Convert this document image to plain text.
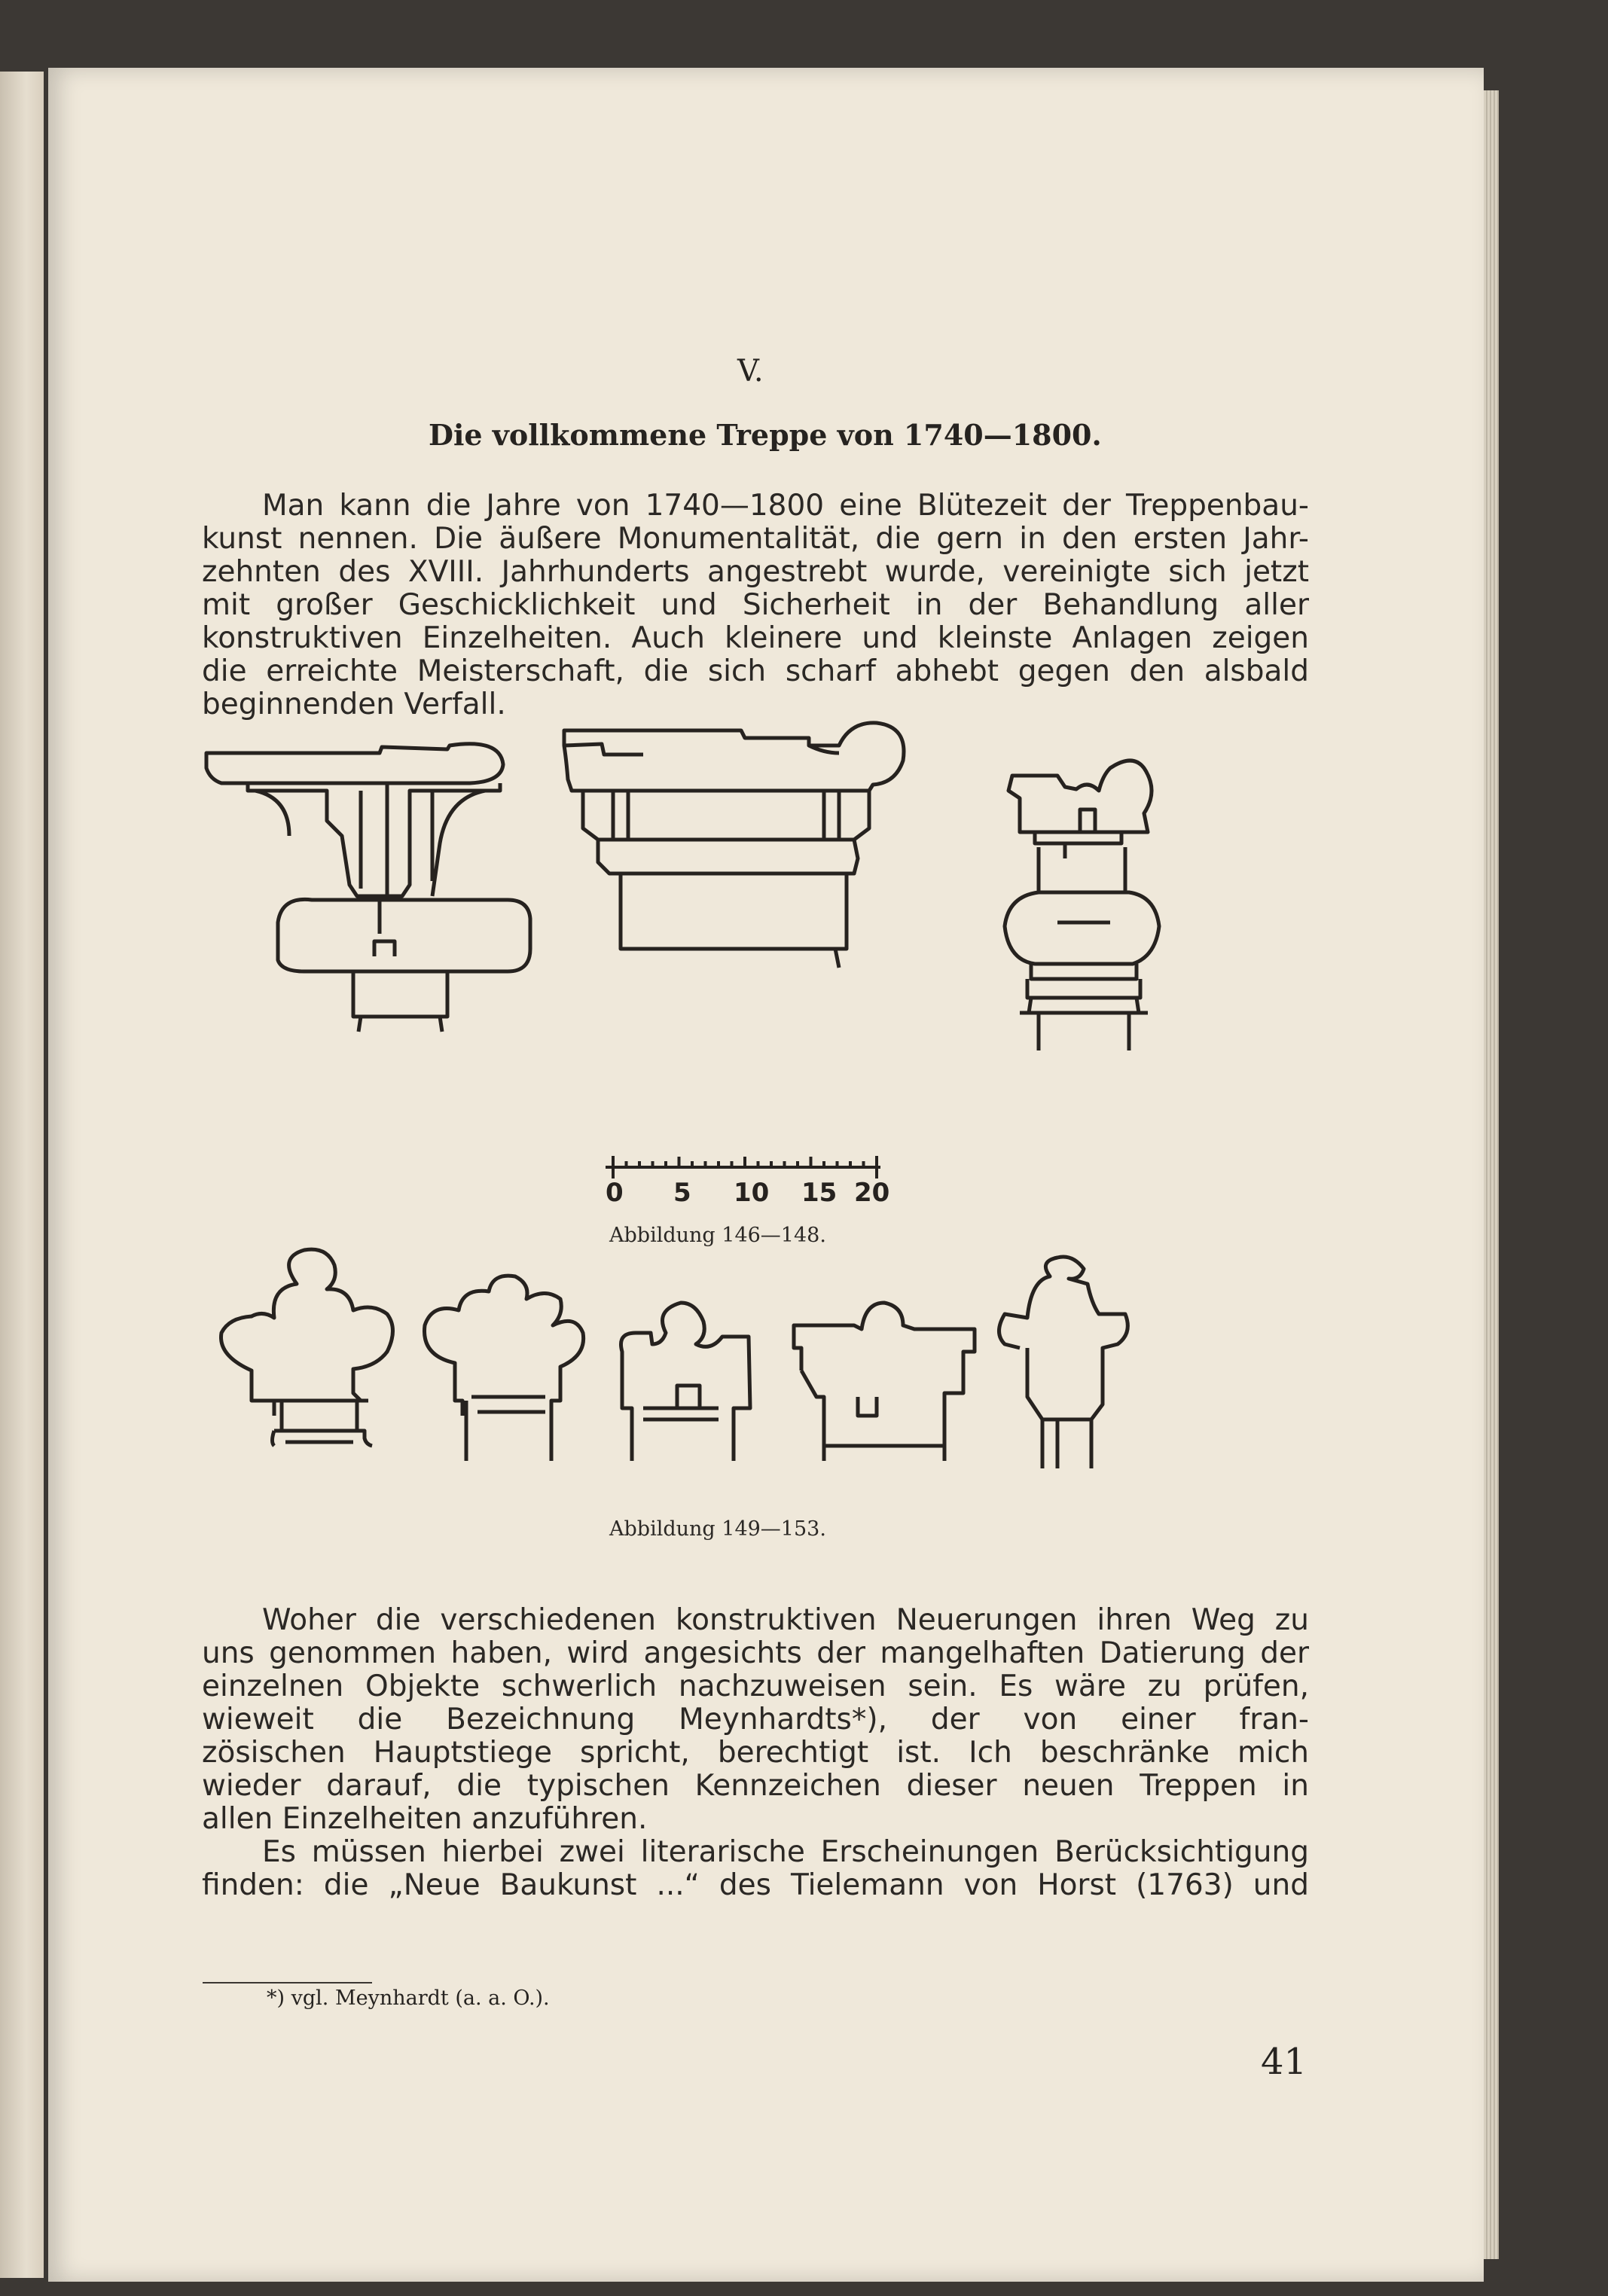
V.
Die vollkommene Treppe von 1740—1800.
Man kann die Jahre von 1740—1800 eine Blütezeit der Treppenbau-
kunst nennen. Die äußere Monumentalität, die gern in den ersten Jahr-
zehnten des XVIII. Jahrhunderts angestrebt wurde, vereinigte sich jetzt
mit großer Geschicklichkeit und Sicherheit in der Behandlung aller
konstruktiven Einzelheiten. Auch kleinere und kleinste Anlagen zeigen
die erreichte Meisterschaft, die sich scharf abhebt gegen den alsbald
beginnenden Verfall.
0 5 10 15 20
Abbildung 146—148.
Abbildung 149—153.
Woher die verschiedenen konstruktiven Neuerungen ihren Weg zu
uns genommen haben, wird angesichts der mangelhaften Datierung der
einzelnen Objekte schwerlich nachzuweisen sein. Es wäre zu prüfen,
wieweit die Bezeichnung Meynhardts*), der von einer fran-
zösischen Hauptstiege spricht, berechtigt ist. Ich beschränke mich
wieder darauf, die typischen Kennzeichen dieser neuen Treppen in
allen Einzelheiten anzuführen.
Es müssen hierbei zwei literarische Erscheinungen Berücksichtigung
finden: die „Neue Baukunst ...“ des Tielemann von Horst (1763) und
*) vgl. Meynhardt (a. a. O.).
41
